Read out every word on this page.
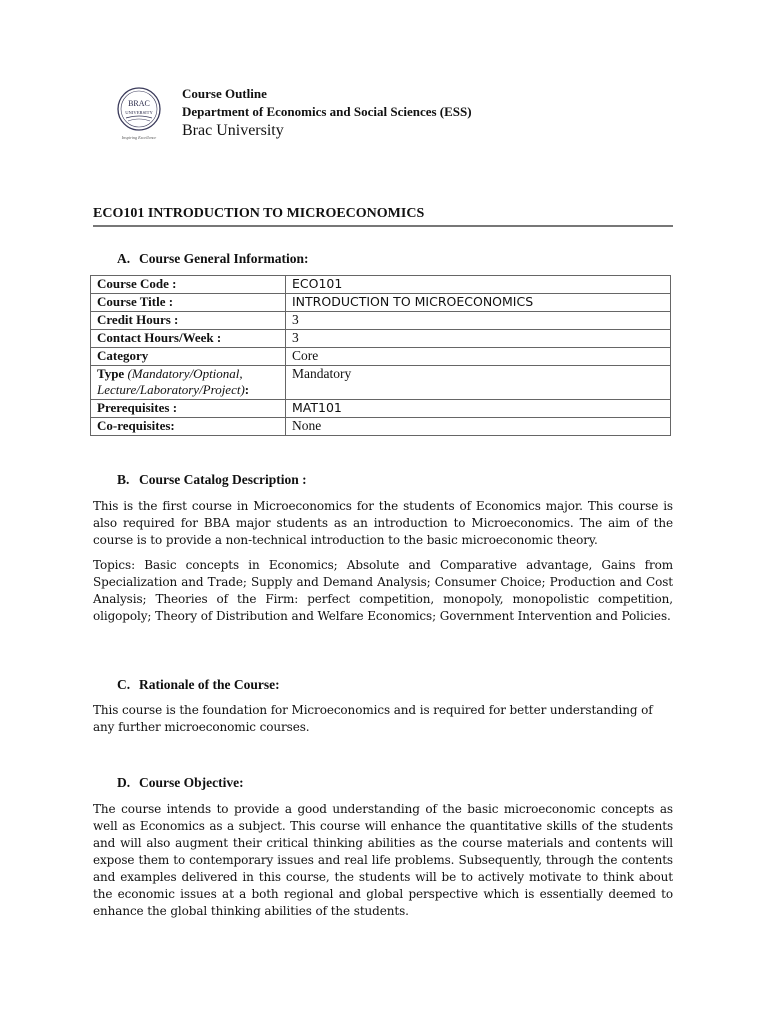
BRAC
UNIVERSITY
Inspiring Excellence
Course Outline
Department of Economics and Social Sciences (ESS)
Brac University
ECO101 INTRODUCTION TO MICROECONOMICS
A. Course General Information:
Course Code :	ECO101
Course Title :	INTRODUCTION TO MICROECONOMICS
Credit Hours :	3
Contact Hours/Week :	3
Category	Core
Type (Mandatory/Optional, Lecture/Laboratory/Project):	Mandatory
Prerequisites :	MAT101
Co-requisites:	None
B. Course Catalog Description :
This is the first course in Microeconomics for the students of Economics major. This course is also required for BBA major students as an introduction to Microeconomics. The aim of the course is to provide a non-technical introduction to the basic microeconomic theory.
Topics: Basic concepts in Economics; Absolute and Comparative advantage, Gains from Specialization and Trade; Supply and Demand Analysis; Consumer Choice; Production and Cost Analysis; Theories of the Firm: perfect competition, monopoly, monopolistic competition, oligopoly; Theory of Distribution and Welfare Economics; Government Intervention and Policies.
C. Rationale of the Course:
This course is the foundation for Microeconomics and is required for better understanding of any further microeconomic courses.
D. Course Objective:
The course intends to provide a good understanding of the basic microeconomic concepts as well as Economics as a subject. This course will enhance the quantitative skills of the students and will also augment their critical thinking abilities as the course materials and contents will expose them to contemporary issues and real life problems. Subsequently, through the contents and examples delivered in this course, the students will be to actively motivate to think about the economic issues at a both regional and global perspective which is essentially deemed to enhance the global thinking abilities of the students.
